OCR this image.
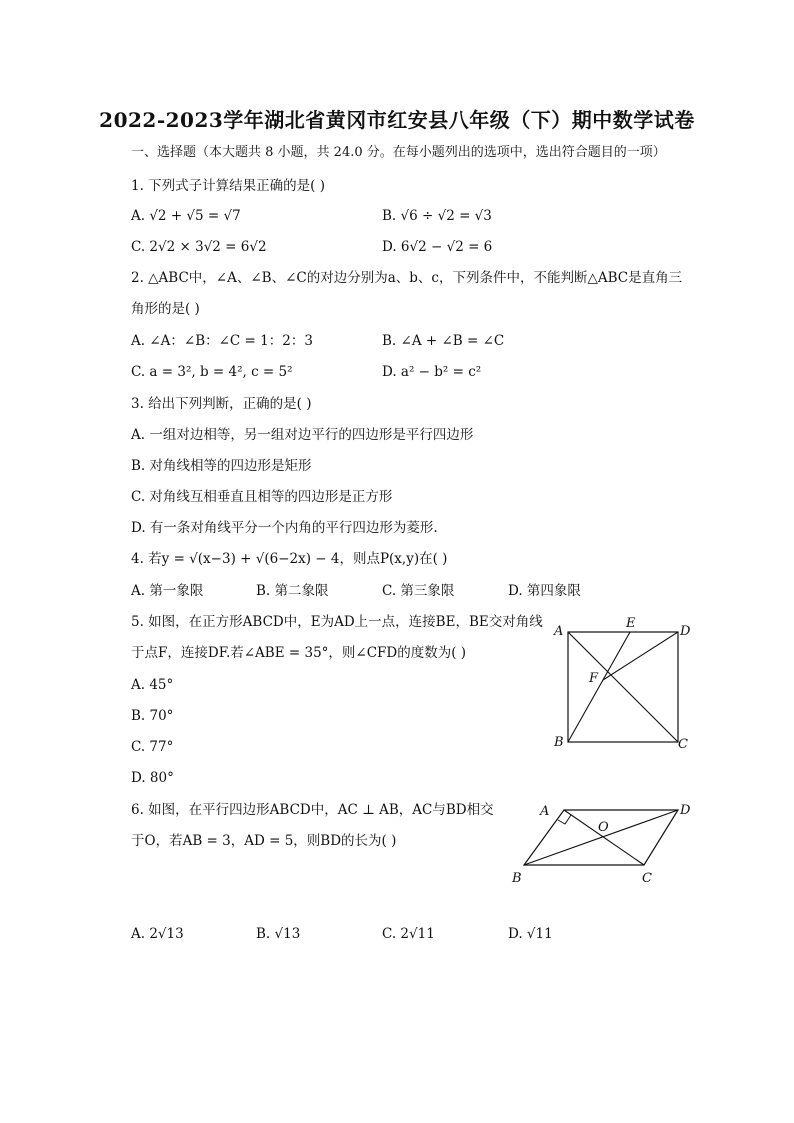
2022-2023学年湖北省黄冈市红安县八年级（下）期中数学试卷
一、选择题（本大题共 8 小题，共 24.0 分。在每小题列出的选项中，选出符合题目的一项）
1. 下列式子计算结果正确的是( )
A. √2 + √5 = √7	B. √6 ÷ √2 = √3
C. 2√2 × 3√2 = 6√2	D. 6√2 − √2 = 6
2. △ABC中，∠A、∠B、∠C的对边分别为a、b、c，下列条件中，不能判断△ABC是直角三
角形的是( )
A. ∠A：∠B：∠C = 1：2：3	B. ∠A + ∠B = ∠C
C. a = 3², b = 4², c = 5²	D. a² − b² = c²
3. 给出下列判断，正确的是( )
A. 一组对边相等，另一组对边平行的四边形是平行四边形
B. 对角线相等的四边形是矩形
C. 对角线互相垂直且相等的四边形是正方形
D. 有一条对角线平分一个内角的平行四边形为菱形.
4. 若y = √(x−3) + √(6−2x) − 4，则点P(x,y)在( )
A. 第一象限	B. 第二象限	C. 第三象限	D. 第四象限
5. 如图，在正方形ABCD中，E为AD上一点，连接BE，BE交对角线
于点F，连接DF.若∠ABE = 35°，则∠CFD的度数为( )
A. 45°
B. 70°
C. 77°
D. 80°
A
E
D
F
B	C
6. 如图，在平行四边形ABCD中，AC ⊥ AB，AC与BD相交
于O，若AB = 3，AD = 5，则BD的长为( )
A
O
D
B	C
A. 2√13	B. √13	C. 2√11	D. √11
